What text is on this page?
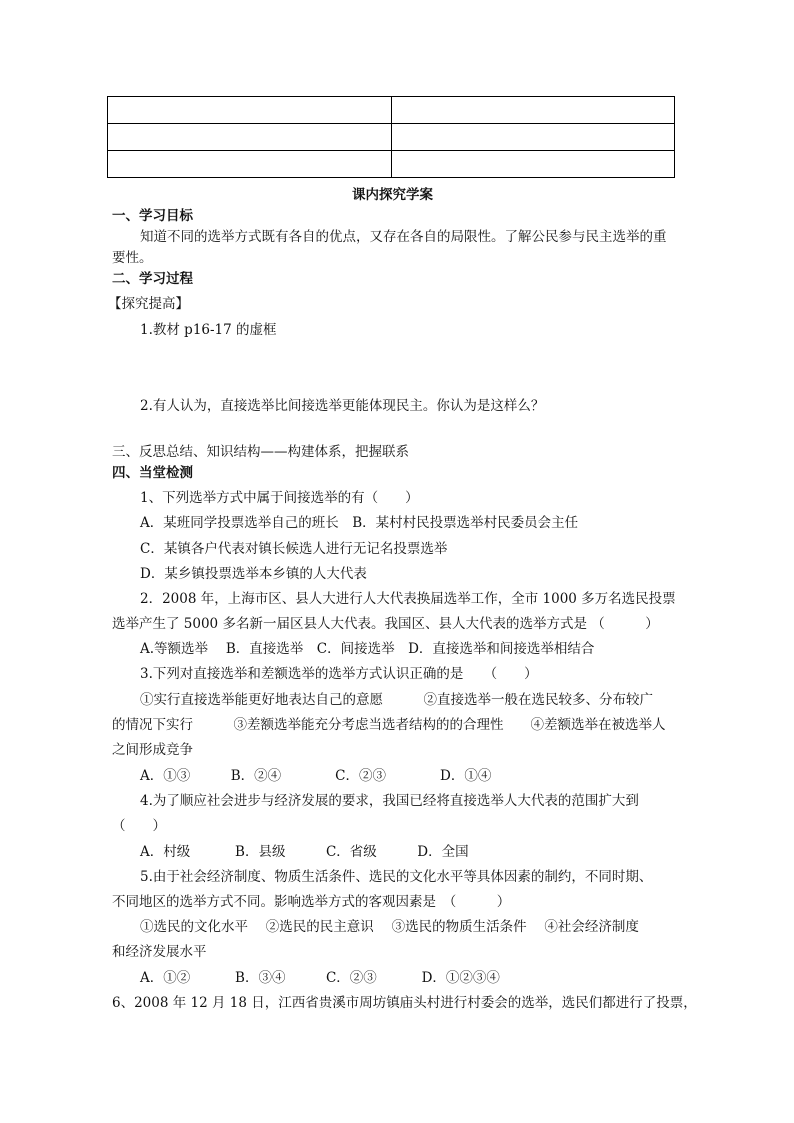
课内探究学案
一、学习目标
知道不同的选举方式既有各自的优点，又存在各自的局限性。了解公民参与民主选举的重
要性。
二、学习过程
【探究提高】
1.教材 p16-17 的虚框
2.有人认为，直接选举比间接选举更能体现民主。你认为是这样么？
三、反思总结、知识结构——构建体系，把握联系
四、当堂检测
1、下列选举方式中属于间接选举的有（　　）
A．某班同学投票选举自己的班长　B．某村村民投票选举村民委员会主任
C．某镇各户代表对镇长候选人进行无记名投票选举
D．某乡镇投票选举本乡镇的人大代表
2．2008 年，上海市区、县人大进行人大代表换届选举工作，全市 1000 多万名选民投票
选举产生了 5000 多名新一届区县人大代表。我国区、县人大代表的选举方式是 （　　　）
A.等额选举　 B．直接选举　C．间接选举　D．直接选举和间接选举相结合
3.下列对直接选举和差额选举的选举方式认识正确的是　　（　　）
①实行直接选举能更好地表达自己的意愿　　　②直接选举一般在选民较多、分布较广
的情况下实行　　　③差额选举能充分考虑当选者结构的的合理性　　④差额选举在被选举人
之间形成竞争
A．①③　　　B．②④　　　　C．②③　　　　D．①④
4.为了顺应社会进步与经济发展的要求，我国已经将直接选举人大代表的范围扩大到
（　　）
A．村级　　　 B．县级　　　C．省级　　　D．全国
5.由于社会经济制度、物质生活条件、选民的文化水平等具体因素的制约，不同时期、
不同地区的选举方式不同。影响选举方式的客观因素是　（　　　）
①选民的文化水平　 ②选民的民主意识　 ③选民的物质生活条件　 ④社会经济制度
和经济发展水平
A．①②　　　 B．③④　　　C．②③　　　 D．①②③④
6、2008 年 12 月 18 日，江西省贵溪市周坊镇庙头村进行村委会的选举，选民们都进行了投票，
